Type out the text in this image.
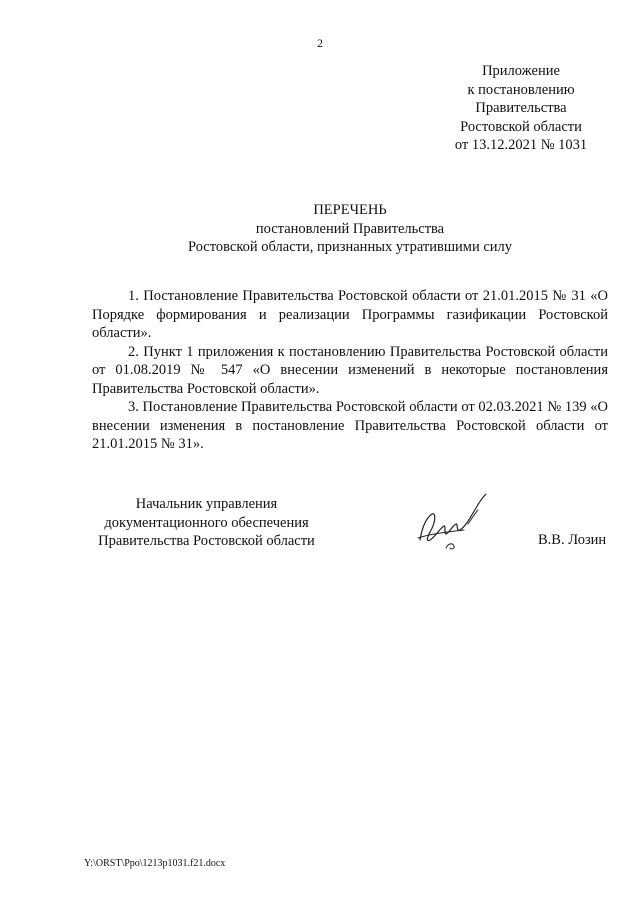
2
Приложение
к постановлению
Правительства
Ростовской области
от 13.12.2021 № 1031
ПЕРЕЧЕНЬ
постановлений Правительства
Ростовской области, признанных утратившими силу

1. Постановление Правительства Ростовской области от 21.01.2015 № 31 «О Порядке формирования и реализации Программы газификации Ростовской области».

2. Пункт 1 приложения к постановлению Правительства Ростовской области от 01.08.2019 № 547 «О внесении изменений в некоторые постановления Правительства Ростовской области».

3. Постановление Правительства Ростовской области от 02.03.2021 № 139 «О внесении изменения в постановление Правительства Ростовской области от 21.01.2015 № 31».

Начальник управления
документационного обеспечения
Правительства Ростовской области	В.В. Лозин
Y:\ORST\Ppo\1213p1031.f21.docx
